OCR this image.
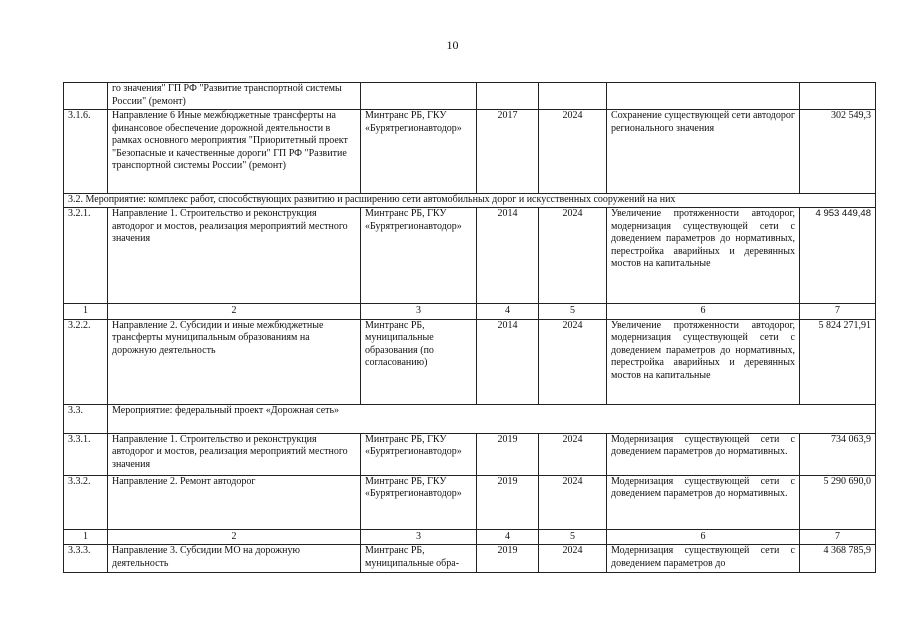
10
	го значения" ГП РФ "Развитие транспортной системы России" (ремонт)					
3.1.6.	Направление 6 Иные межбюджетные трансферты на финансовое обеспечение дорожной деятельности в рамках основного мероприятия "Приоритетный проект "Безопасные и качественные дороги" ГП РФ "Развитие транспортной системы России" (ремонт)	Минтранс РБ, ГКУ «Бурятрегионавтодор»	2017	2024	Сохранение существующей сети автодорог регионального значения	302 549,3
3.2. Мероприятие: комплекс работ, способствующих развитию и расширению сети автомобильных дорог и искусственных сооружений на них						
3.2.1.	Направление 1. Строительство и реконструкция автодорог и мостов, реализация мероприятий местного значения	Минтранс РБ, ГКУ «Бурятрегионавтодор»	2014	2024	Увеличение протяженности автодорог, модернизация существующей сети с доведением параметров до нормативных, перестройка аварийных и деревянных мостов на капитальные	4 953 449,48
1	2	3	4	5	6	7
3.2.2.	Направление 2. Субсидии и иные межбюджетные трансферты муниципальным образованиям на дорожную деятельность	Минтранс РБ, муниципальные образования (по согласованию)	2014	2024	Увеличение протяженности автодорог, модернизация существующей сети с доведением параметров до нормативных, перестройка аварийных и деревянных мостов на капитальные	5 824 271,91
3.3.	Мероприятие: федеральный проект «Дорожная сеть»					
3.3.1.	Направление 1. Строительство и реконструкция автодорог и мостов, реализация мероприятий местного значения	Минтранс РБ, ГКУ «Бурятрегионавтодор»	2019	2024	Модернизация существующей сети с доведением параметров до нормативных.	734 063,9
3.3.2.	Направление 2. Ремонт автодорог	Минтранс РБ, ГКУ «Бурятрегионавтодор»	2019	2024	Модернизация существующей сети с доведением параметров до нормативных.	5 290 690,0
1	2	3	4	5	6	7
3.3.3.	Направление 3. Субсидии МО на дорожную деятельность	Минтранс РБ, муниципальные обра-	2019	2024	Модернизация существующей сети с доведением параметров до	4 368 785,9
